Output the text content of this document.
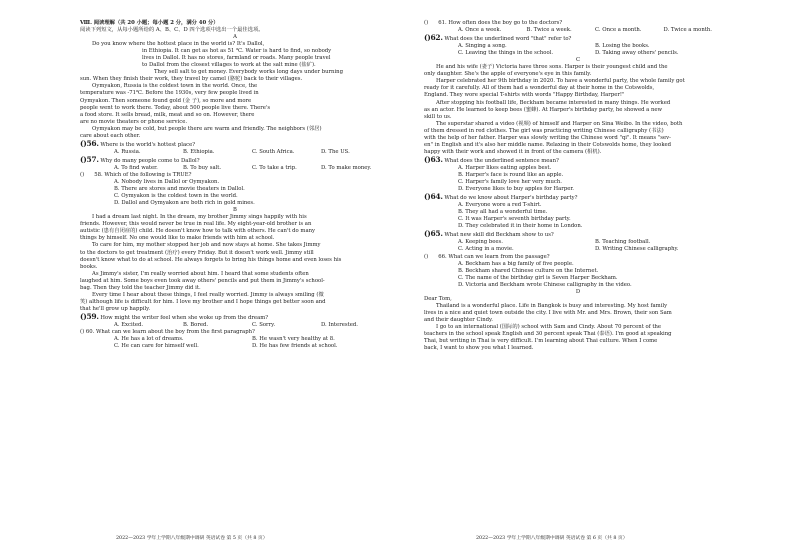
Ⅷ. 阅读理解（共 20 小题；每小题 2 分，满分 40 分）

阅读下列短文，从每小题所给的 A、B、C、D 四个选项中选出一个最佳选项。

A

Do you know where the hottest place in the world is? It's Dallol,

in Ethiopia. It can get as hot as 51 ℃. Water is hard to find, so nobody

lives in Dallol. It has no stores, farmland or roads. Many people travel

to Dallol from the closest villages to work at the salt mine (盐矿).

They sell salt to get money. Everybody works long days under burning

sun. When they finish their work, they travel by camel (骆驼) back to their villages.

Oymyakon, Russia is the coldest town in the world. Once, the

temperature was -71℃. Before the 1930s, very few people lived in

Oymyakon. Then someone found gold (金 子), so more and more

people went to work there. Today, about 500 people live there. There's

a food store. It sells bread, milk, meat and so on. However, there

are no movie theaters or phone service.

Oymyakon may be cold, but people there are warm and friendly. The neighbors (邻居)

care about each other.

()56. Where is the world's hottest place?

A. Russia.	B. Ethiopia.	C. South Africa.	D. The US.

()57. Why do many people come to Dallol?

A. To find water.	B. To buy salt.	C. To take a trip.	D. To make money.

() 58. Which of the following is TRUE?

A. Nobody lives in Dallol or Oymyakon.

B. There are stores and movie theaters in Dallol.

C. Oymyakon is the coldest town in the world.

D. Dallol and Oymyakon are both rich in gold mines.

B

I had a dream last night. In the dream, my brother Jimmy sings happily with his

friends. However, this would never be true in real life. My eight-year-old brother is an

autistic (患有自闭症的) child. He doesn't know how to talk with others. He can't do many

things by himself. No one would like to make friends with him at school.

To care for him, my mother stopped her job and now stays at home. She takes Jimmy

to the doctors to get treatment (治疗) every Friday. But it doesn't work well. Jimmy still

doesn't know what to do at school. He always forgets to bring his things home and even loses his

books.

As Jimmy's sister, I'm really worried about him. I heard that some students often

laughed at him. Some boys even took away others' pencils and put them in Jimmy's school-

bag. Then they told the teacher Jimmy did it.

Every time I hear about these things, I feel really worried. Jimmy is always smiling (微

笑) although life is difficult for him. I love my brother and I hope things get better soon and

that he'll grow up happily.

()59. How might the writer feel when she woke up from the dream?

A. Excited.	B. Bored.	C. Sorry.	D. Interested.

() 60. What can we learn about the boy from the first paragraph?

A. He has a lot of dreams.	B. He wasn't very healthy at 8.
C. He can care for himself well.	D. He has few friends at school.
2022—2023 学年上学期八年级期中调研 英语试卷 第 5 页（共 8 页）

() 61. How often does the boy go to the doctors?

A. Once a week.	B. Twice a week.	C. Once a month.	D. Twice a month.

()62. What does the underlined word "that" refer to?

A. Singing a song.	B. Losing the books.
C. Leaving the things in the school.	D. Taking away others' pencils.

C

He and his wife (妻子) Victoria have three sons. Harper is their youngest child and the

only daughter. She's the apple of everyone's eye in this family.

Harper celebrated her 9th birthday in 2020. To have a wonderful party, the whole family got

ready for it carefully. All of them had a wonderful day at their home in the Cotswolds,

England. They wore special T-shirts with words "Happy Birthday, Harper!"

After stopping his football life, Beckham became interested in many things. He worked

as an actor. He learned to keep bees (蜜蜂). At Harper's birthday party, he showed a new

skill to us.

The superstar shared a video (视频) of himself and Harper on Sina Weibo. In the video, both

of them dressed in red clothes. The girl was practicing writing Chinese calligraphy (书法)

with the help of her father. Harper was slowly writing the Chinese word "qi". It means "sev-

en" in English and it's also her middle name. Relaxing in their Cotswolds home, they looked

happy with their work and showed it in front of the camera (相机).

()63. What does the underlined sentence mean?

A. Harper likes eating apples best.

B. Harper's face is round like an apple.

C. Harper's family love her very much.

D. Everyone likes to buy apples for Harper.

()64. What do we know about Harper's birthday party?

A. Everyone wore a red T-shirt.

B. They all had a wonderful time.

C. It was Harper's seventh birthday party.

D. They celebrated it in their home in London.

()65. What new skill did Beckham show to us?

A. Keeping bees.	B. Teaching football.
C. Acting in a movie.	D. Writing Chinese calligraphy.

() 66. What can we learn from the passage?

A. Beckham has a big family of five people.

B. Beckham shared Chinese culture on the Internet.

C. The name of the birthday girl is Seven Harper Beckham.

D. Victoria and Beckham wrote Chinese calligraphy in the video.

D

Dear Tom,

Thailand is a wonderful place. Life in Bangkok is busy and interesting. My host family

lives in a nice and quiet town outside the city. I live with Mr. and Mrs. Brown, their son Sam

and their daughter Cindy.

I go to an international (国际的) school with Sam and Cindy. About 70 percent of the

teachers in the school speak English and 30 percent speak Thai (泰语). I'm good at speaking

Thai, but writing in Thai is very difficult. I'm learning about Thai culture. When I come

back, I want to show you what I learned.

2022—2023 学年上学期八年级期中调研 英语试卷 第 6 页（共 8 页）
